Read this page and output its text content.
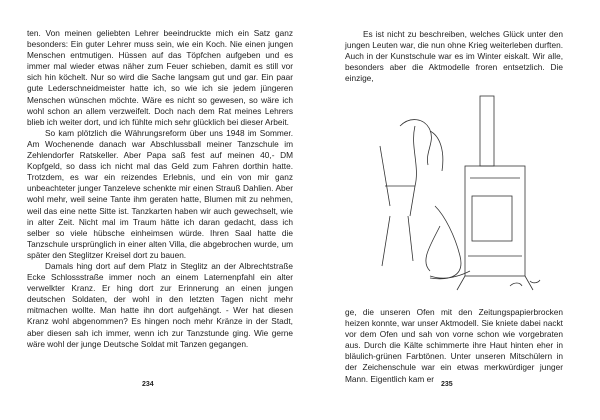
ten. Von meinen geliebten Lehrer beeindruckte mich ein Satz ganz besonders: Ein guter Lehrer muss sein, wie ein Koch. Nie einen jungen Menschen entmutigen. Hüssen auf das Töpfchen aufgeben und es immer mal wieder etwas näher zum Feuer schieben, damit es still vor sich hin köchelt. Nur so wird die Sache langsam gut und gar. Ein paar gute Lederschneidmeister hatte ich, so wie ich sie jedem jüngeren Menschen wünschen möchte. Wäre es nicht so gewesen, so wäre ich wohl schon an allem verzweifelt. Doch nach dem Rat meines Lehrers blieb ich weiter dort, und ich fühlte mich sehr glücklich bei dieser Arbeit.

So kam plötzlich die Währungsreform über uns 1948 im Sommer. Am Wochenende danach war Abschlussball meiner Tanzschule im Zehlendorfer Ratskeller. Aber Papa saß fest auf meinen 40,- DM Kopfgeld, so dass ich nicht mal das Geld zum Fahren dorthin hatte. Trotzdem, es war ein reizendes Erlebnis, und ein von mir ganz unbeachteter junger Tanzeleve schenkte mir einen Strauß Dahlien. Aber wohl mehr, weil seine Tante ihm geraten hatte, Blumen mit zu nehmen, weil das eine nette Sitte ist. Tanzkarten haben wir auch gewechselt, wie in alter Zeit. Nicht mal im Traum hätte ich daran gedacht, dass ich selber so viele hübsche einheimsen würde. Ihren Saal hatte die Tanzschule ursprünglich in einer alten Villa, die abgebrochen wurde, um später den Steglitzer Kreisel dort zu bauen.

Damals hing dort auf dem Platz in Steglitz an der Albrechtstraße Ecke Schlossstraße immer noch an einem Laternenpfahl ein alter verwelkter Kranz. Er hing dort zur Erinnerung an einen jungen deutschen Soldaten, der wohl in den letzten Tagen nicht mehr mitmachen wollte. Man hatte ihn dort aufgehängt. - Wer hat diesen Kranz wohl abgenommen? Es hingen noch mehr Kränze in der Stadt, aber diesen sah ich immer, wenn ich zur Tanzstunde ging. Wie gerne wäre wohl der junge Deutsche Soldat mit Tanzen gegangen.

234

Es ist nicht zu beschreiben, welches Glück unter den jungen Leuten war, die nun ohne Krieg weiterleben durften. Auch in der Kunstschule war es im Winter eiskalt. Wir alle, besonders aber die Aktmodelle froren entsetzlich. Die einzige,

ge, die unseren Ofen mit den Zeitungspapierbrocken heizen konnte, war unser Aktmodell. Sie kniete dabei nackt vor dem Ofen und sah von vorne schon wie vorgebraten aus. Durch die Kälte schimmerte ihre Haut hinten eher in bläulich-grünen Farbtönen. Unter unseren Mitschülern in der Zeichenschule war ein etwas merkwürdiger junger Mann. Eigentlich kam er

235
